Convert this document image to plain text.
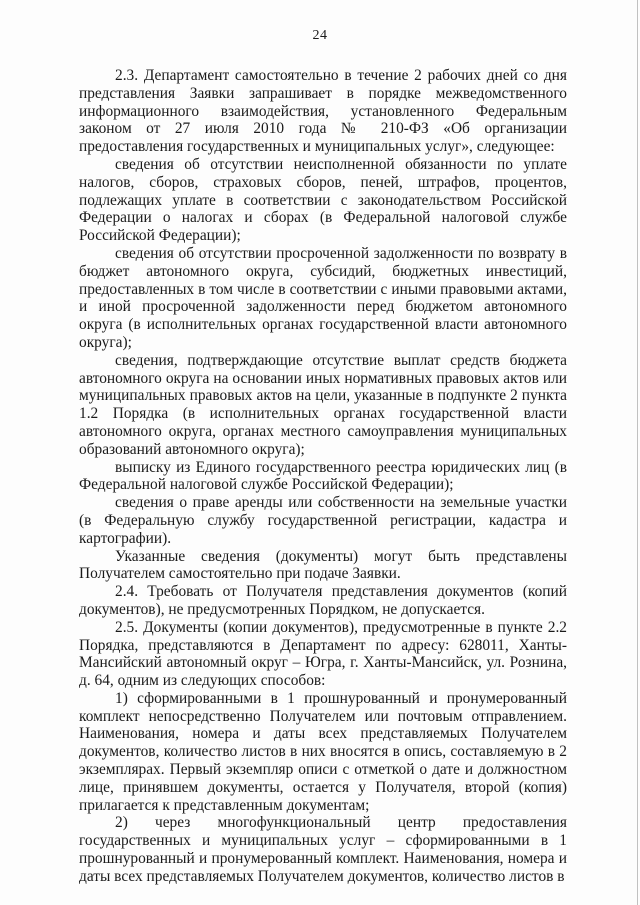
24

2.3. Департамент самостоятельно в течение 2 рабочих дней со дня представления Заявки запрашивает в порядке межведомственного информационного взаимодействия, установленного Федеральным законом от 27 июля 2010 года № 210-ФЗ «Об организации предоставления государственных и муниципальных услуг», следующее:

сведения об отсутствии неисполненной обязанности по уплате налогов, сборов, страховых сборов, пеней, штрафов, процентов, подлежащих уплате в соответствии с законодательством Российской Федерации о налогах и сборах (в Федеральной налоговой службе Российской Федерации);

сведения об отсутствии просроченной задолженности по возврату в бюджет автономного округа, субсидий, бюджетных инвестиций, предоставленных в том числе в соответствии с иными правовыми актами, и иной просроченной задолженности перед бюджетом автономного округа (в исполнительных органах государственной власти автономного округа);

сведения, подтверждающие отсутствие выплат средств бюджета автономного округа на основании иных нормативных правовых актов или муниципальных правовых актов на цели, указанные в подпункте 2 пункта 1.2 Порядка (в исполнительных органах государственной власти автономного округа, органах местного самоуправления муниципальных образований автономного округа);

выписку из Единого государственного реестра юридических лиц (в Федеральной налоговой службе Российской Федерации);

сведения о праве аренды или собственности на земельные участки (в Федеральную службу государственной регистрации, кадастра и картографии).

Указанные сведения (документы) могут быть представлены Получателем самостоятельно при подаче Заявки.

2.4. Требовать от Получателя представления документов (копий документов), не предусмотренных Порядком, не допускается.

2.5. Документы (копии документов), предусмотренные в пункте 2.2 Порядка, представляются в Департамент по адресу: 628011, Ханты-Мансийский автономный округ – Югра, г. Ханты-Мансийск, ул. Рознина, д. 64, одним из следующих способов:

1) сформированными в 1 прошнурованный и пронумерованный комплект непосредственно Получателем или почтовым отправлением. Наименования, номера и даты всех представляемых Получателем документов, количество листов в них вносятся в опись, составляемую в 2 экземплярах. Первый экземпляр описи с отметкой о дате и должностном лице, принявшем документы, остается у Получателя, второй (копия) прилагается к представленным документам;

2) через многофункциональный центр предоставления государственных и муниципальных услуг – сформированными в 1 прошнурованный и пронумерованный комплект. Наименования, номера и даты всех представляемых Получателем документов, количество листов в
